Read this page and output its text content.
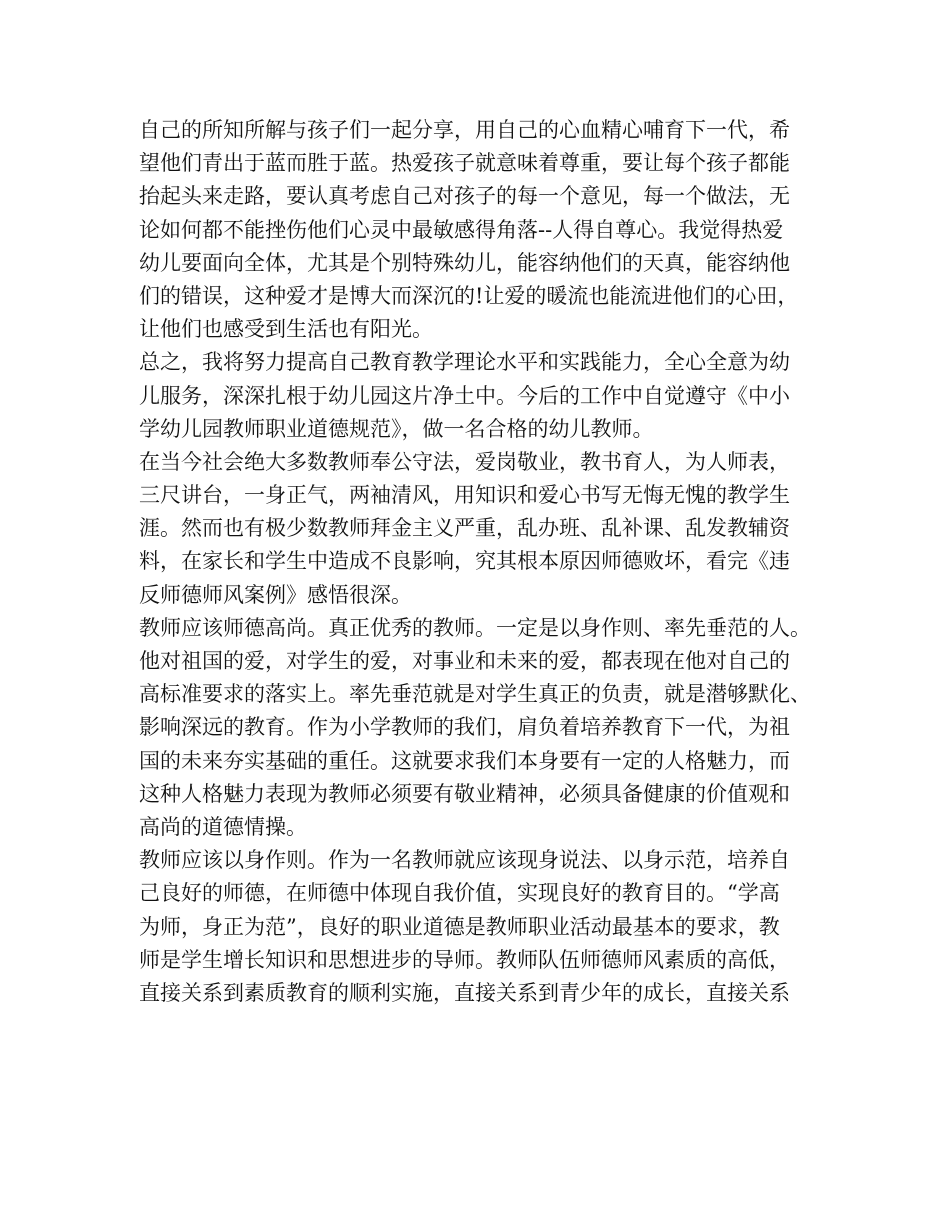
自己的所知所解与孩子们一起分享，用自己的心血精心哺育下一代，希
望他们青出于蓝而胜于蓝。热爱孩子就意味着尊重，要让每个孩子都能
抬起头来走路，要认真考虑自己对孩子的每一个意见，每一个做法，无
论如何都不能挫伤他们心灵中最敏感得角落--人得自尊心。我觉得热爱
幼儿要面向全体，尤其是个别特殊幼儿，能容纳他们的天真，能容纳他
们的错误，这种爱才是博大而深沉的!让爱的暖流也能流进他们的心田，
让他们也感受到生活也有阳光。
总之，我将努力提高自己教育教学理论水平和实践能力，全心全意为幼
儿服务，深深扎根于幼儿园这片净土中。今后的工作中自觉遵守《中小
学幼儿园教师职业道德规范》，做一名合格的幼儿教师。
在当今社会绝大多数教师奉公守法，爱岗敬业，教书育人，为人师表，
三尺讲台，一身正气，两袖清风，用知识和爱心书写无悔无愧的教学生
涯。然而也有极少数教师拜金主义严重，乱办班、乱补课、乱发教辅资
料，在家长和学生中造成不良影响，究其根本原因师德败坏，看完《违
反师德师风案例》感悟很深。
教师应该师德高尚。真正优秀的教师。一定是以身作则、率先垂范的人。
他对祖国的爱，对学生的爱，对事业和未来的爱，都表现在他对自己的
高标准要求的落实上。率先垂范就是对学生真正的负责，就是潜够默化、
影响深远的教育。作为小学教师的我们，肩负着培养教育下一代，为祖
国的未来夯实基础的重任。这就要求我们本身要有一定的人格魅力，而
这种人格魅力表现为教师必须要有敬业精神，必须具备健康的价值观和
高尚的道德情操。
教师应该以身作则。作为一名教师就应该现身说法、以身示范，培养自
己良好的师德，在师德中体现自我价值，实现良好的教育目的。“学高
为师，身正为范”，良好的职业道德是教师职业活动最基本的要求，教
师是学生增长知识和思想进步的导师。教师队伍师德师风素质的高低，
直接关系到素质教育的顺利实施，直接关系到青少年的成长，直接关系
